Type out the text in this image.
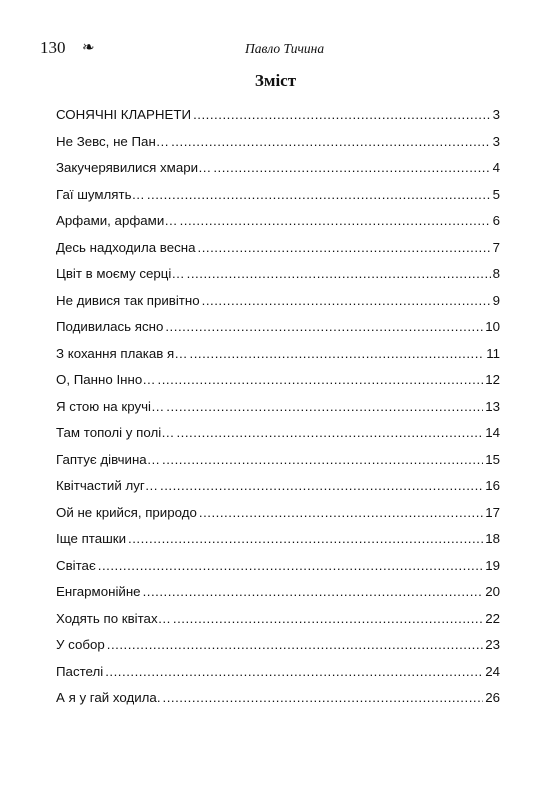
130 ❧	Павло Тичина
Зміст
СОНЯЧНІ КЛАРНЕТИ .....	3
Не Зевс, не Пан… .....	3
Закучерявилися хмари… .....	4
Гаї шумлять… .....	5
Арфами, арфами… .....	6
Десь надходила весна .....	7
Цвіт в моєму серці… .....	8
Не дивися так привітно .....	9
Подивилась ясно .....	10
З кохання плакав я… .....	11
О, Панно Інно… .....	12
Я стою на кручі… .....	13
Там тополі у полі… .....	14
Гаптує дівчина… .....	15
Квітчастий луг… .....	16
Ой не крийся, природо .....	17
Іще пташки .....	18
Світає .....	19
Енгармонійне .....	20
Ходять по квітах… .....	22
У собор .....	23
Пастелі .....	24
А я у гай ходила. .....	26
